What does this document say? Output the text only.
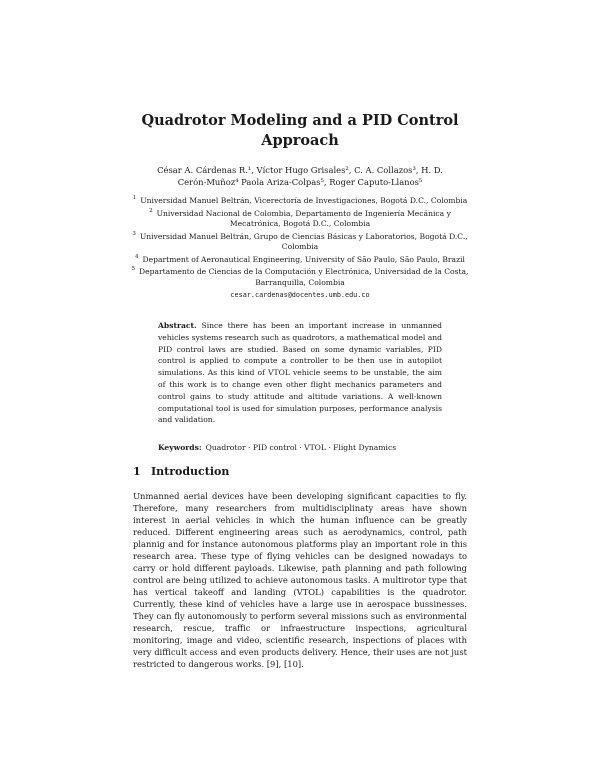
Quadrotor Modeling and a PID Control Approach
César A. Cárdenas R.¹, Víctor Hugo Grisales², C. A. Collazos³, H. D.
Cerón-Muñoz⁴ Paola Ariza-Colpas⁵, Roger Caputo-Llanos⁵
$^1$ Universidad Manuel Beltrán, Vicerectoría de Investigaciones, Bogotá D.C., Colombia
$^2$ Universidad Nacional de Colombia, Departamento de Ingeniería Mecánica y Mecatrónica, Bogotá D.C., Colombia
$^3$ Universidad Manuel Beltrán, Grupo de Ciencias Básicas y Laboratorios, Bogotá D.C., Colombia
$^4$ Department of Aeronautical Engineering, University of São Paulo, São Paulo, Brazil
$^5$ Departamento de Ciencias de la Computación y Electrónica, Universidad de la Costa, Barranquilla, Colombia
cesar.cardenas@docentes.umb.edu.co

Abstract. Since there has been an important increase in unmanned vehicles systems research such as quadrotors, a mathematical model and PID control laws are studied. Based on some dynamic variables, PID control is applied to compute a controller to be then use in autopilot simulations. As this kind of VTOL vehicle seems to be unstable, the aim of this work is to change even other flight mechanics parameters and control gains to study attitude and altitude variations. A well-known computational tool is used for simulation purposes, performance analysis and validation.

Keywords: Quadrotor · PID control · VTOL · Flight Dynamics

1 Introduction

Unmanned aerial devices have been developing significant capacities to fly. Therefore, many researchers from multidisciplinaty areas have shown interest in aerial vehicles in which the human influence can be greatly reduced. Different engineering areas such as aerodynamics, control, path plannig and for instance autonomous platforms play an important role in this research area. These type of flying vehicles can be designed nowadays to carry or hold different payloads. Likewise, path planning and path following control are being utilized to achieve autonomous tasks. A multirotor type that has vertical takeoff and landing (VTOL) capabilities is the quadrotor. Currently, these kind of vehicles have a large use in aerospace bussinesses. They can fly autonomously to perform several missions such as environmental research, rescue, traffic or infraestructure inspections, agricultural monitoring, image and video, scientific research, inspections of places with very difficult access and even products delivery. Hence, their uses are not just restricted to dangerous works. [9], [10].
